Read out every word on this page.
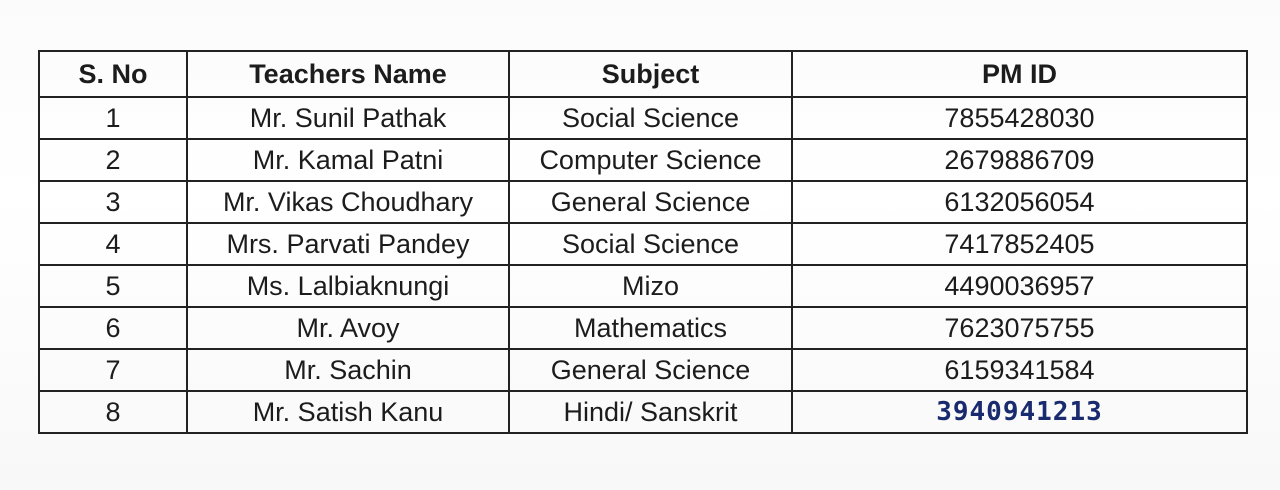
S. No	Teachers Name	Subject	PM ID
1	Mr. Sunil Pathak	Social Science	7855428030
2	Mr. Kamal Patni	Computer Science	2679886709
3	Mr. Vikas Choudhary	General Science	6132056054
4	Mrs. Parvati Pandey	Social Science	7417852405
5	Ms. Lalbiaknungi	Mizo	4490036957
6	Mr. Avoy	Mathematics	7623075755
7	Mr. Sachin	General Science	6159341584
8	Mr. Satish Kanu	Hindi/ Sanskrit	3940941213
